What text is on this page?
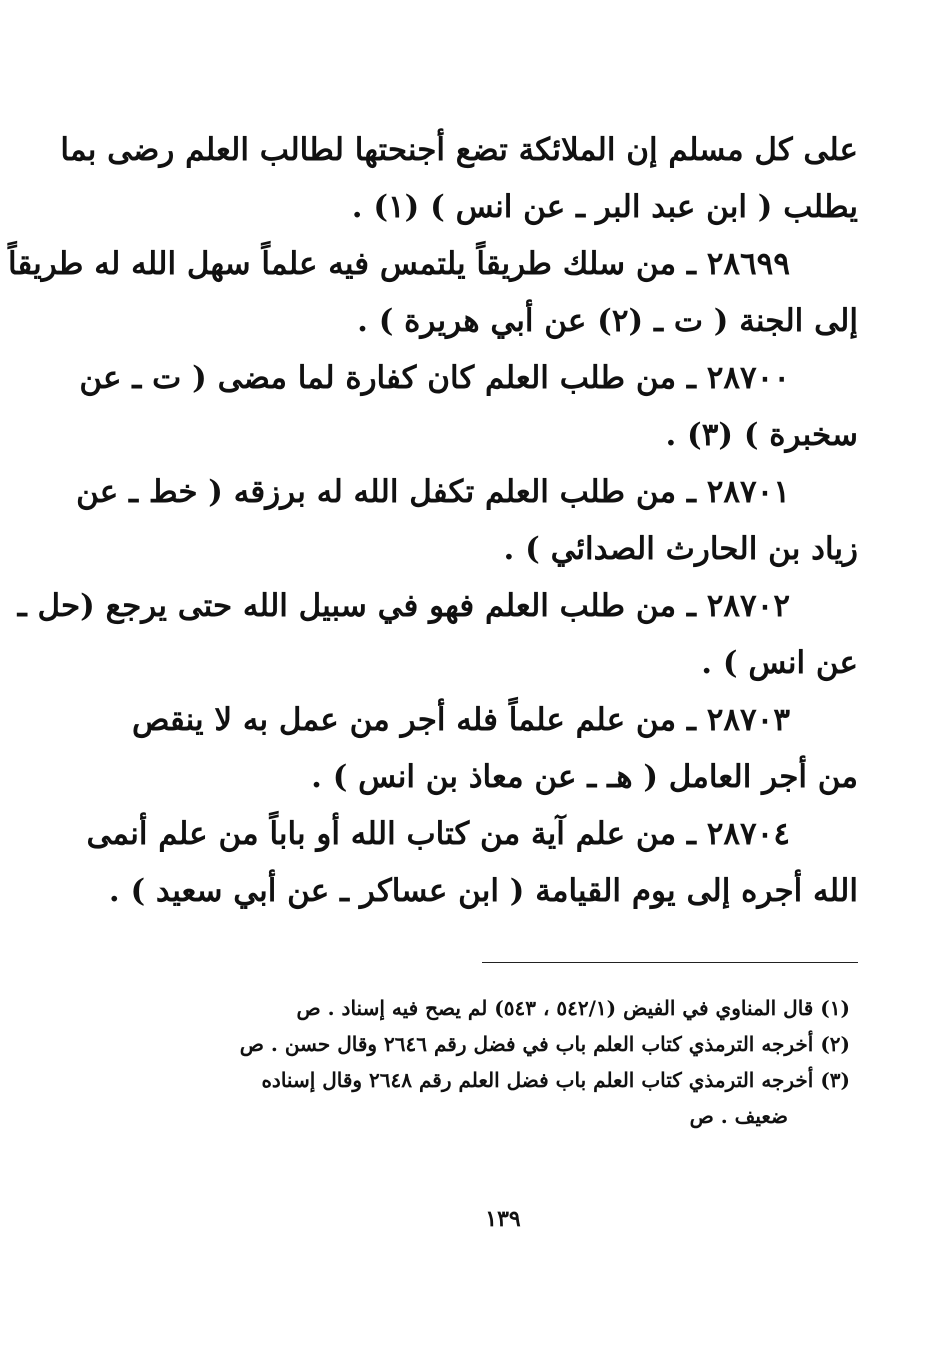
على كل مسلم إن الملائكة تضع أجنحتها لطالب العلم رضى بما
يطلب ( ابن عبد البر ـ عن انس ) (١) .
٢٨٦٩٩ ـ من سلك طريقاً يلتمس فيه علماً سهل الله له طريقاً
إلى الجنة ( ت ـ (٢) عن أبي هريرة ) .
٢٨٧٠٠ ـ من طلب العلم كان كفارة لما مضى ( ت ـ عن
سخبرة ) (٣) .
٢٨٧٠١ ـ من طلب العلم تكفل الله له برزقه ( خط ـ عن
زياد بن الحارث الصدائي ) .
٢٨٧٠٢ ـ من طلب العلم فهو في سبيل الله حتى يرجع (حل ـ
عن انس ) .
٢٨٧٠٣ ـ من علم علماً فله أجر من عمل به لا ينقص
من أجر العامل ( هـ ـ عن معاذ بن انس ) .
٢٨٧٠٤ ـ من علم آية من كتاب الله أو باباً من علم أنمى
الله أجره إلى يوم القيامة ( ابن عساكر ـ عن أبي سعيد ) .
(١) قال المناوي في الفيض (٥٤٢/١ ، ٥٤٣) لم يصح فيه إسناد . ص
(٢) أخرجه الترمذي كتاب العلم باب في فضل رقم ٢٦٤٦ وقال حسن . ص
(٣) أخرجه الترمذي كتاب العلم باب فضل العلم رقم ٢٦٤٨ وقال إسناده
ضعيف . ص
١٣٩
